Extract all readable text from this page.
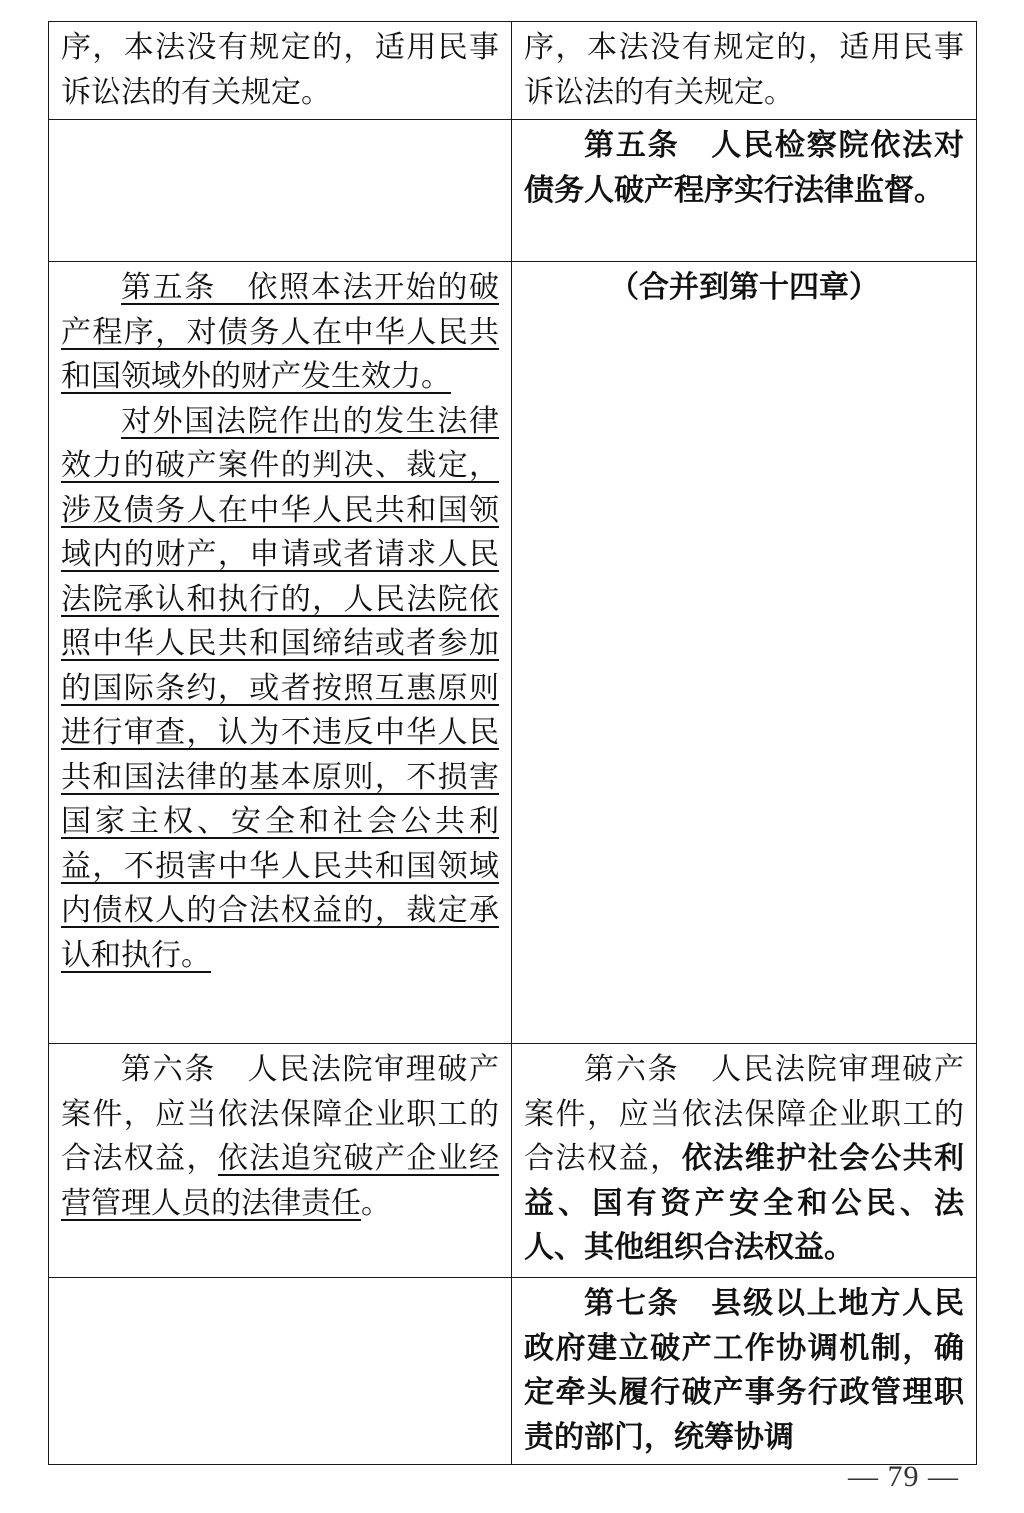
序，本法没有规定的，适用民事诉讼法的有关规定。	序，本法没有规定的，适用民事诉讼法的有关规定。

	第五条　人民检察院依法对债务人破产程序实行法律监督。

第五条　依照本法开始的破产程序，对债务人在中华人民共和国领域外的财产发生效力。

对外国法院作出的发生法律效力的破产案件的判决、裁定，涉及债务人在中华人民共和国领域内的财产，申请或者请求人民法院承认和执行的，人民法院依照中华人民共和国缔结或者参加的国际条约，或者按照互惠原则进行审查，认为不违反中华人民共和国法律的基本原则，不损害国家主权、安全和社会公共利益，不损害中华人民共和国领域内债权人的合法权益的，裁定承认和执行。	（合并到第十四章）

第六条　人民法院审理破产案件，应当依法保障企业职工的合法权益，依法追究破产企业经营管理人员的法律责任。	第六条　人民法院审理破产案件，应当依法保障企业职工的合法权益，依法维护社会公共利益、国有资产安全和公民、法人、其他组织合法权益。

	第七条　县级以上地方人民政府建立破产工作协调机制，确定牵头履行破产事务行政管理职责的部门，统筹协调

— 79 —
